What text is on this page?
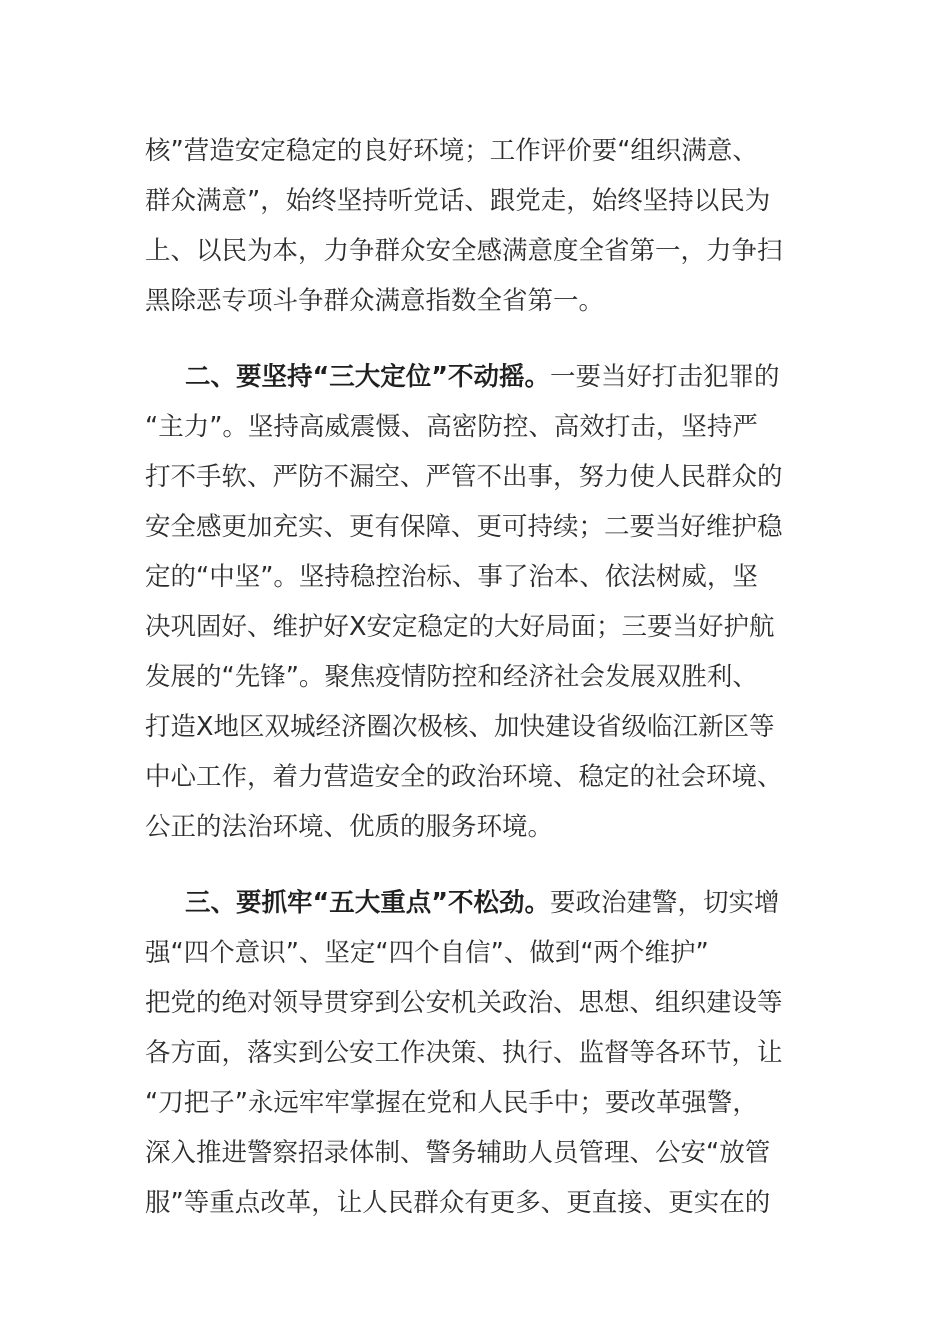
核”营造安定稳定的良好环境；工作评价要“组织满意、
群众满意”，始终坚持听党话、跟党走，始终坚持以民为
上、以民为本，力争群众安全感满意度全省第一，力争扫
黑除恶专项斗争群众满意指数全省第一。
二、要坚持“三大定位”不动摇。一要当好打击犯罪的
“主力”。坚持高威震慑、高密防控、高效打击，坚持严
打不手软、严防不漏空、严管不出事，努力使人民群众的
安全感更加充实、更有保障、更可持续；二要当好维护稳
定的“中坚”。坚持稳控治标、事了治本、依法树威，坚
决巩固好、维护好X安定稳定的大好局面；三要当好护航
发展的“先锋”。聚焦疫情防控和经济社会发展双胜利、
打造X地区双城经济圈次极核、加快建设省级临江新区等
中心工作，着力营造安全的政治环境、稳定的社会环境、
公正的法治环境、优质的服务环境。
三、要抓牢“五大重点”不松劲。要政治建警，切实增
强“四个意识”、坚定“四个自信”、做到“两个维护”
把党的绝对领导贯穿到公安机关政治、思想、组织建设等
各方面，落实到公安工作决策、执行、监督等各环节，让
“刀把子”永远牢牢掌握在党和人民手中；要改革强警，
深入推进警察招录体制、警务辅助人员管理、公安“放管
服”等重点改革，让人民群众有更多、更直接、更实在的
